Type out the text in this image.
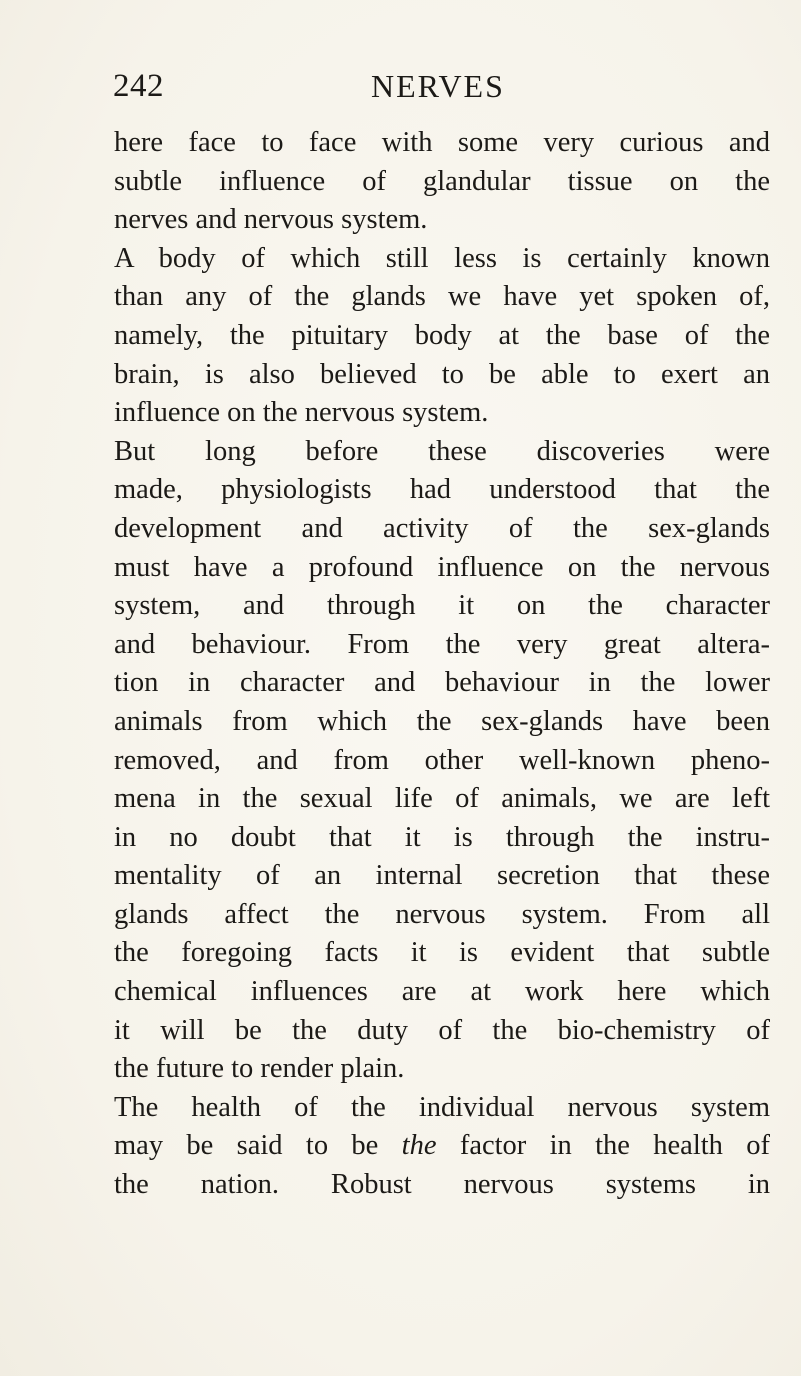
242	NERVES
here face to face with some very curious and
subtle influence of glandular tissue on the
nerves and nervous system.
A body of which still less is certainly known
than any of the glands we have yet spoken of,
namely, the pituitary body at the base of the
brain, is also believed to be able to exert an
influence on the nervous system.
But long before these discoveries were
made, physiologists had understood that the
development and activity of the sex-glands
must have a profound influence on the nervous
system, and through it on the character
and behaviour. From the very great altera-
tion in character and behaviour in the lower
animals from which the sex-glands have been
removed, and from other well-known pheno-
mena in the sexual life of animals, we are left
in no doubt that it is through the instru-
mentality of an internal secretion that these
glands affect the nervous system. From all
the foregoing facts it is evident that subtle
chemical influences are at work here which
it will be the duty of the bio-chemistry of
the future to render plain.
The health of the individual nervous system
may be said to be the factor in the health of
the nation. Robust nervous systems in
